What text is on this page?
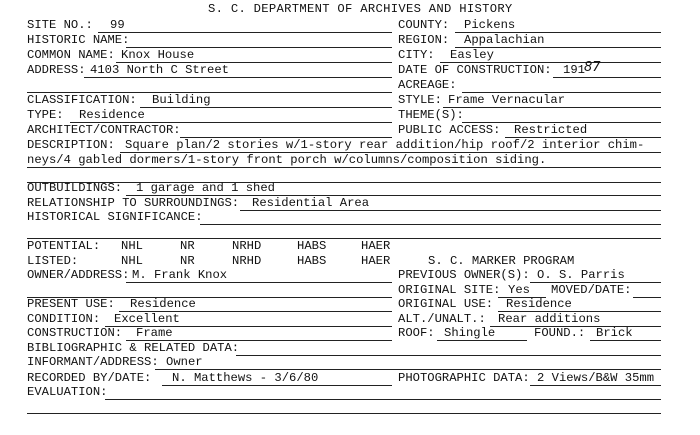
S. C. DEPARTMENT OF ARCHIVES AND HISTORY
SITE NO.: 99	COUNTY: Pickens
HISTORIC NAME:	REGION: Appalachian
COMMON NAME: Knox House	CITY: Easley
ADDRESS: 4103 North C Street	DATE OF CONSTRUCTION: 191 87
ACREAGE:
CLASSIFICATION: Building	STYLE: Frame Vernacular
TYPE: Residence	THEME(S):
ARCHITECT/CONTRACTOR:	PUBLIC ACCESS: Restricted
DESCRIPTION: Square plan/2 stories w/1-story rear addition/hip roof/2 interior chim-
neys/4 gabled dormers/1-story front porch w/columns/composition siding.
OUTBUILDINGS: 1 garage and 1 shed
RELATIONSHIP TO SURROUNDINGS: Residential Area
HISTORICAL SIGNIFICANCE:
POTENTIAL: NHL	NR	NRHD	HABS	HAER
LISTED:	NHL	NR	NRHD	HABS	HAER	S. C. MARKER PROGRAM
OWNER/ADDRESS: M. Frank Knox	PREVIOUS OWNER(S): O. S. Parris
ORIGINAL SITE: Yes MOVED/DATE:
PRESENT USE: Residence	ORIGINAL USE: Residence
CONDITION: Excellent	ALT./UNALT.: Rear additions
CONSTRUCTION: Frame	ROOF: Shingle	FOUND.: Brick
BIBLIOGRAPHIC & RELATED DATA:
INFORMANT/ADDRESS: Owner
RECORDED BY/DATE: N. Matthews - 3/6/80	PHOTOGRAPHIC DATA: 2 Views/B&W 35mm
EVALUATION:
